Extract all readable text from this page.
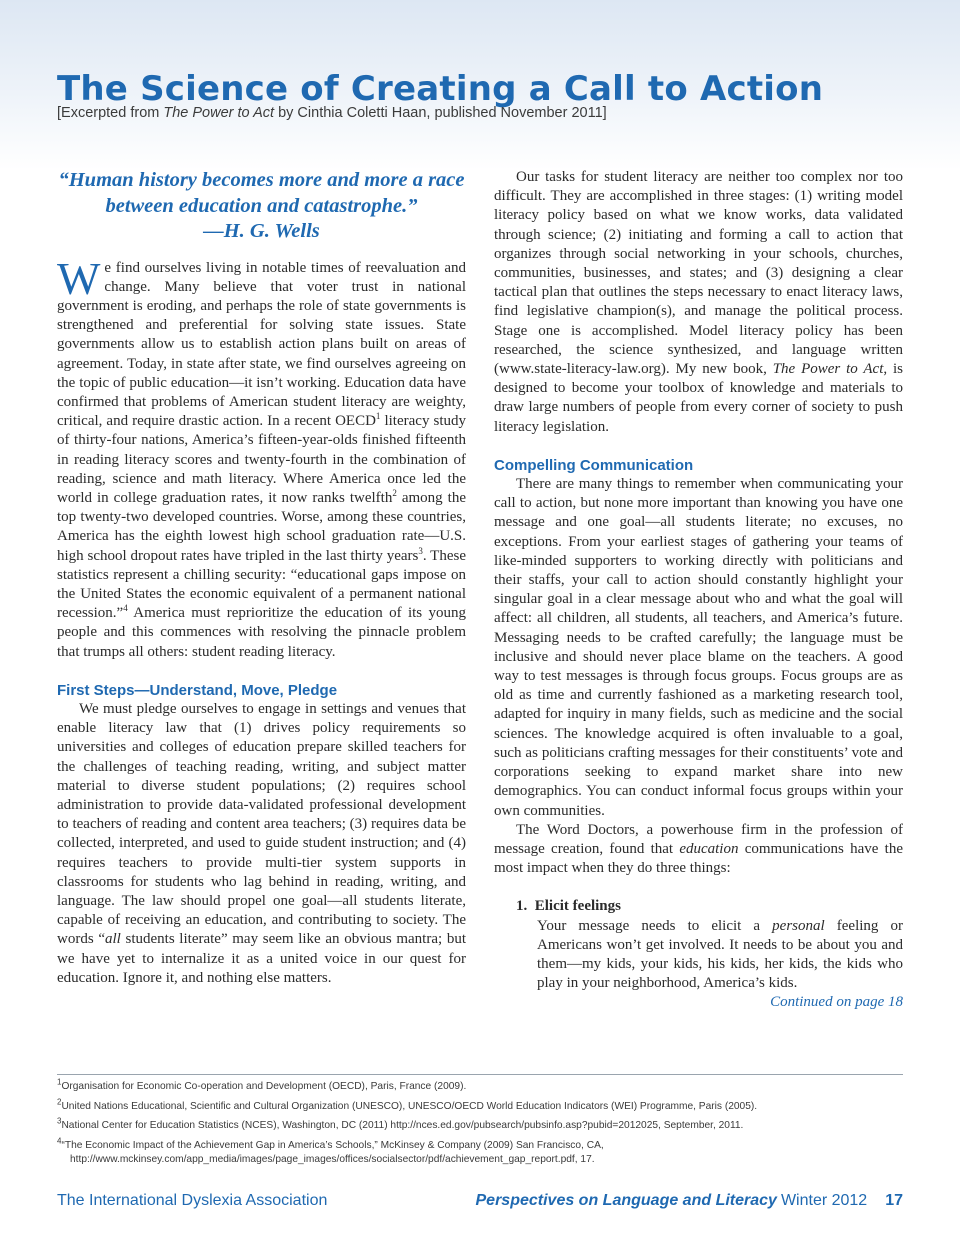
The Science of Creating a Call to Action
[Excerpted from The Power to Act by Cinthia Coletti Haan, published November 2011]
“Human history becomes more and more a race between education and catastrophe.”
—H. G. Wells

We find ourselves living in notable times of reevaluation and change. Many believe that voter trust in national government is eroding, and perhaps the role of state governments is strengthened and preferential for solving state issues. State governments allow us to establish action plans built on areas of agreement. Today, in state after state, we find ourselves agreeing on the topic of public education—it isn’t working. Education data have confirmed that problems of American student literacy are weighty, critical, and require drastic action. In a recent OECD$^1$ literacy study of thirty-four nations, America’s fifteen-year-olds finished fifteenth in reading literacy scores and twenty-fourth in the combination of reading, science and math literacy. Where America once led the world in college graduation rates, it now ranks twelfth$^2$ among the top twenty-two developed countries. Worse, among these countries, America has the eighth lowest high school graduation rate—U.S. high school dropout rates have tripled in the last thirty years$^3$. These statistics represent a chilling security: “educational gaps impose on the United States the economic equivalent of a permanent national recession.”$^4$ America must reprioritize the education of its young people and this commences with resolving the pinnacle problem that trumps all others: student reading literacy.

First Steps—Understand, Move, Pledge

We must pledge ourselves to engage in settings and venues that enable literacy law that (1) drives policy requirements so universities and colleges of education prepare skilled teachers for the challenges of teaching reading, writing, and subject matter material to diverse student populations; (2) requires school administration to provide data-validated professional development to teachers of reading and content area teachers; (3) requires data be collected, interpreted, and used to guide student instruction; and (4) requires teachers to provide multi-tier system supports in classrooms for students who lag behind in reading, writing, and language. The law should propel one goal—all students literate, capable of receiving an education, and contributing to society. The words “all students literate” may seem like an obvious mantra; but we have yet to internalize it as a united voice in our quest for education. Ignore it, and nothing else matters.

Our tasks for student literacy are neither too complex nor too difficult. They are accomplished in three stages: (1) writing model literacy policy based on what we know works, data validated through science; (2) initiating and forming a call to action that organizes through social networking in your schools, churches, communities, businesses, and states; and (3) designing a clear tactical plan that outlines the steps necessary to enact literacy laws, find legislative champion(s), and manage the political process. Stage one is accomplished. Model literacy policy has been researched, the science synthesized, and language written (www.state-literacy-law.org). My new book, The Power to Act, is designed to become your toolbox of knowledge and materials to draw large numbers of people from every corner of society to push literacy legislation.

Compelling Communication

There are many things to remember when communicating your call to action, but none more important than knowing you have one message and one goal—all students literate; no excuses, no exceptions. From your earliest stages of gathering your teams of like-minded supporters to working directly with politicians and their staffs, your call to action should constantly highlight your singular goal in a clear message about who and what the goal will affect: all children, all students, all teachers, and America’s future. Messaging needs to be crafted carefully; the language must be inclusive and should never place blame on the teachers. A good way to test messages is through focus groups. Focus groups are as old as time and currently fashioned as a marketing research tool, adapted for inquiry in many fields, such as medicine and the social sciences. The knowledge acquired is often invaluable to a goal, such as politicians crafting messages for their constituents’ vote and corporations seeking to expand market share into new demographics. You can conduct informal focus groups within your own communities.

The Word Doctors, a powerhouse firm in the profession of message creation, found that education communications have the most impact when they do three things:

1. Elicit feelings

Your message needs to elicit a personal feeling or Americans won’t get involved. It needs to be about you and them—my kids, your kids, his kids, her kids, the kids who play in your neighborhood, America’s kids.

Continued on page 18
$^1$Organisation for Economic Co-operation and Development (OECD), Paris, France (2009).
$^2$United Nations Educational, Scientific and Cultural Organization (UNESCO), UNESCO/OECD World Education Indicators (WEI) Programme, Paris (2005).
$^3$National Center for Education Statistics (NCES), Washington, DC (2011) http://nces.ed.gov/pubsearch/pubsinfo.asp?pubid=2012025, September, 2011.
$^4$“The Economic Impact of the Achievement Gap in America’s Schools,” McKinsey & Company (2009) San Francisco, CA, http://www.mckinsey.com/app_media/images/page_images/offices/socialsector/pdf/achievement_gap_report.pdf, 17.
The International Dyslexia Association	Perspectives on Language and Literacy Winter 2012 17
